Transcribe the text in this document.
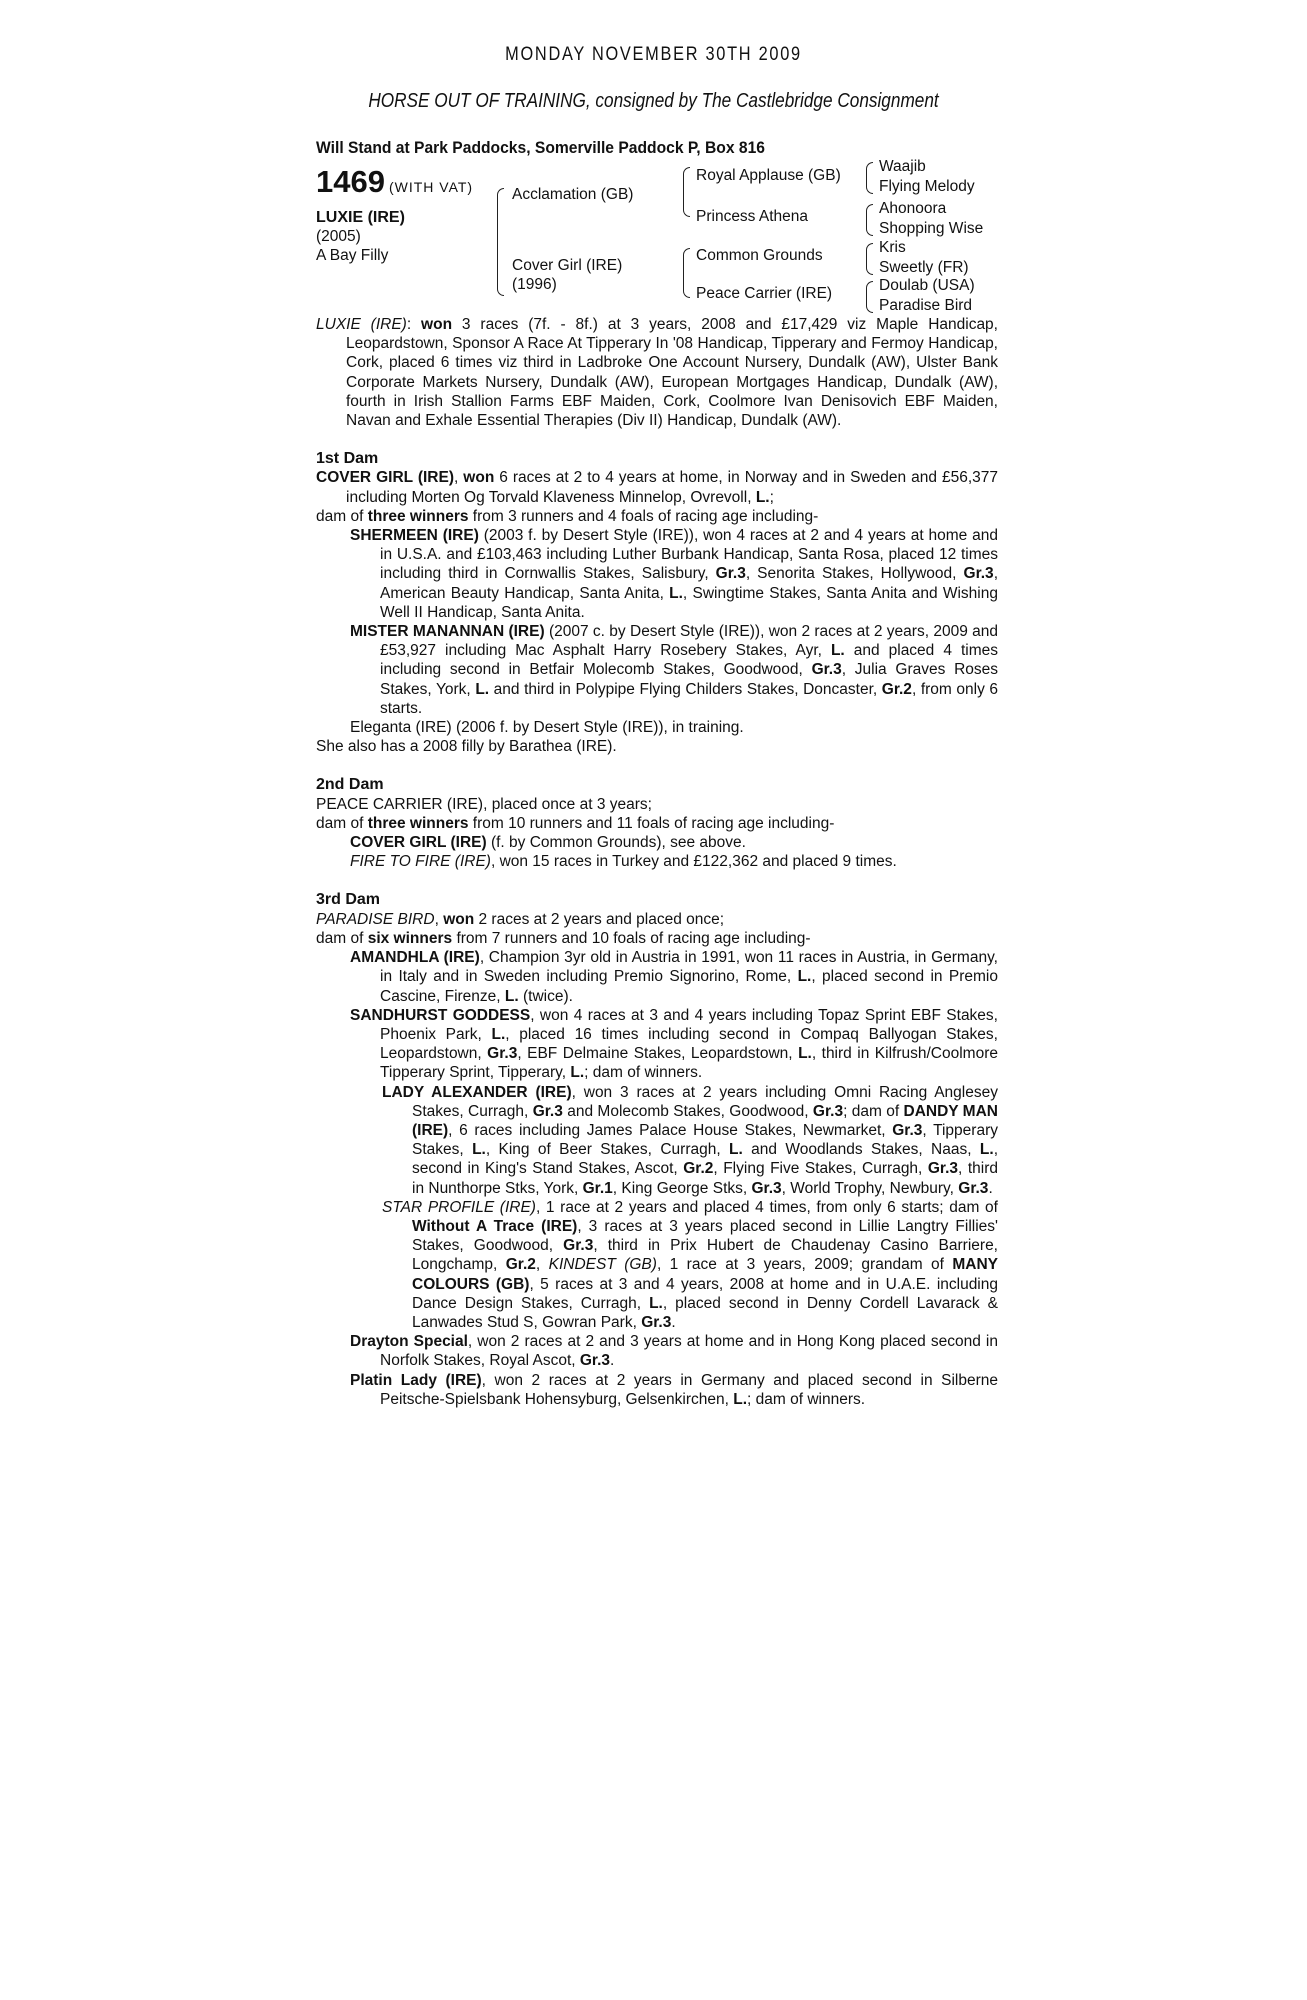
MONDAY NOVEMBER 30TH 2009
HORSE OUT OF TRAINING, consigned by The Castlebridge Consignment
Will Stand at Park Paddocks, Somerville Paddock P, Box 816
1469 (WITH VAT)
LUXIE (IRE)
(2005)
A Bay Filly
Acclamation (GB)
Cover Girl (IRE)
(1996)
Royal Applause (GB)
Princess Athena
Common Grounds
Peace Carrier (IRE)
Waajib
Flying Melody
Ahonoora
Shopping Wise
Kris
Sweetly (FR)
Doulab (USA)
Paradise Bird

LUXIE (IRE): won 3 races (7f. - 8f.) at 3 years, 2008 and £17,429 viz Maple Handicap, Leopardstown, Sponsor A Race At Tipperary In '08 Handicap, Tipperary and Fermoy Handicap, Cork, placed 6 times viz third in Ladbroke One Account Nursery, Dundalk (AW), Ulster Bank Corporate Markets Nursery, Dundalk (AW), European Mortgages Handicap, Dundalk (AW), fourth in Irish Stallion Farms EBF Maiden, Cork, Coolmore Ivan Denisovich EBF Maiden, Navan and Exhale Essential Therapies (Div II) Handicap, Dundalk (AW).

1st Dam

COVER GIRL (IRE), won 6 races at 2 to 4 years at home, in Norway and in Sweden and £56,377 including Morten Og Torvald Klaveness Minnelop, Ovrevoll, L.;

dam of three winners from 3 runners and 4 foals of racing age including-

SHERMEEN (IRE) (2003 f. by Desert Style (IRE)), won 4 races at 2 and 4 years at home and in U.S.A. and £103,463 including Luther Burbank Handicap, Santa Rosa, placed 12 times including third in Cornwallis Stakes, Salisbury, Gr.3, Senorita Stakes, Hollywood, Gr.3, American Beauty Handicap, Santa Anita, L., Swingtime Stakes, Santa Anita and Wishing Well II Handicap, Santa Anita.

MISTER MANANNAN (IRE) (2007 c. by Desert Style (IRE)), won 2 races at 2 years, 2009 and £53,927 including Mac Asphalt Harry Rosebery Stakes, Ayr, L. and placed 4 times including second in Betfair Molecomb Stakes, Goodwood, Gr.3, Julia Graves Roses Stakes, York, L. and third in Polypipe Flying Childers Stakes, Doncaster, Gr.2, from only 6 starts.

Eleganta (IRE) (2006 f. by Desert Style (IRE)), in training.

She also has a 2008 filly by Barathea (IRE).

2nd Dam

PEACE CARRIER (IRE), placed once at 3 years;

dam of three winners from 10 runners and 11 foals of racing age including-

COVER GIRL (IRE) (f. by Common Grounds), see above.

FIRE TO FIRE (IRE), won 15 races in Turkey and £122,362 and placed 9 times.

3rd Dam

PARADISE BIRD, won 2 races at 2 years and placed once;

dam of six winners from 7 runners and 10 foals of racing age including-

AMANDHLA (IRE), Champion 3yr old in Austria in 1991, won 11 races in Austria, in Germany, in Italy and in Sweden including Premio Signorino, Rome, L., placed second in Premio Cascine, Firenze, L. (twice).

SANDHURST GODDESS, won 4 races at 3 and 4 years including Topaz Sprint EBF Stakes, Phoenix Park, L., placed 16 times including second in Compaq Ballyogan Stakes, Leopardstown, Gr.3, EBF Delmaine Stakes, Leopardstown, L., third in Kilfrush/Coolmore Tipperary Sprint, Tipperary, L.; dam of winners.

LADY ALEXANDER (IRE), won 3 races at 2 years including Omni Racing Anglesey Stakes, Curragh, Gr.3 and Molecomb Stakes, Goodwood, Gr.3; dam of DANDY MAN (IRE), 6 races including James Palace House Stakes, Newmarket, Gr.3, Tipperary Stakes, L., King of Beer Stakes, Curragh, L. and Woodlands Stakes, Naas, L., second in King's Stand Stakes, Ascot, Gr.2, Flying Five Stakes, Curragh, Gr.3, third in Nunthorpe Stks, York, Gr.1, King George Stks, Gr.3, World Trophy, Newbury, Gr.3.

STAR PROFILE (IRE), 1 race at 2 years and placed 4 times, from only 6 starts; dam of Without A Trace (IRE), 3 races at 3 years placed second in Lillie Langtry Fillies' Stakes, Goodwood, Gr.3, third in Prix Hubert de Chaudenay Casino Barriere, Longchamp, Gr.2, KINDEST (GB), 1 race at 3 years, 2009; grandam of MANY COLOURS (GB), 5 races at 3 and 4 years, 2008 at home and in U.A.E. including Dance Design Stakes, Curragh, L., placed second in Denny Cordell Lavarack & Lanwades Stud S, Gowran Park, Gr.3.

Drayton Special, won 2 races at 2 and 3 years at home and in Hong Kong placed second in Norfolk Stakes, Royal Ascot, Gr.3.

Platin Lady (IRE), won 2 races at 2 years in Germany and placed second in Silberne Peitsche-Spielsbank Hohensyburg, Gelsenkirchen, L.; dam of winners.
